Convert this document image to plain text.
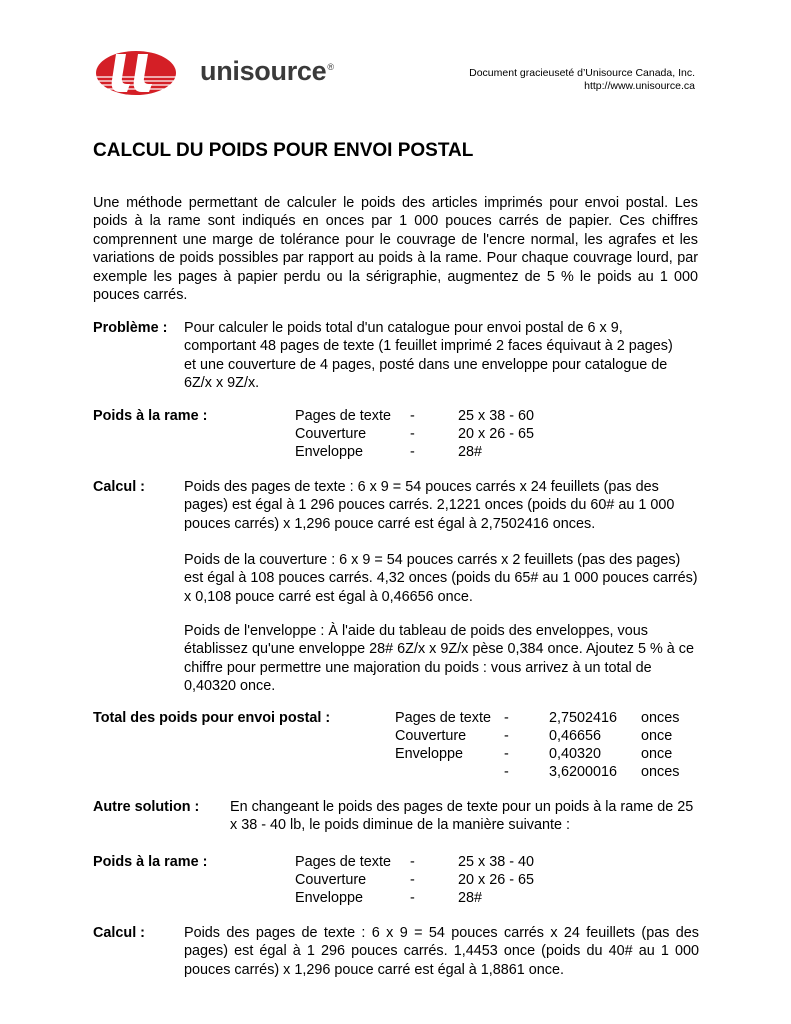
unisource®	Document gracieuseté d’Unisource Canada, Inc.
http://www.unisource.ca
CALCUL DU POIDS POUR ENVOI POSTAL
Une méthode permettant de calculer le poids des articles imprimés pour envoi postal. Les poids à la rame sont indiqués en onces par 1 000 pouces carrés de papier. Ces chiffres comprennent une marge de tolérance pour le couvrage de l'encre normal, les agrafes et les variations de poids possibles par rapport au poids à la rame. Pour chaque couvrage lourd, par exemple les pages à papier perdu ou la sérigraphie, augmentez de 5 % le poids au 1 000 pouces carrés.
Problème : Pour calculer le poids total d'un catalogue pour envoi postal de 6 x 9, comportant 48 pages de texte (1 feuillet imprimé 2 faces équivaut à 2 pages) et une couverture de 4 pages, posté dans une enveloppe pour catalogue de 6Z/x x 9Z/x.
Poids à la rame :	Pages de texte -	25 x 38 - 60
Couverture	-	20 x 26 - 65
Enveloppe	-	28#
Calcul :	Poids des pages de texte : 6 x 9 = 54 pouces carrés x 24 feuillets (pas des pages) est égal à 1 296 pouces carrés. 2,1221 onces (poids du 60# au 1 000 pouces carrés) x 1,296 pouce carré est égal à 2,7502416 onces.
Poids de la couverture : 6 x 9 = 54 pouces carrés x 2 feuillets (pas des pages) est égal à 108 pouces carrés. 4,32 onces (poids du 65# au 1 000 pouces carrés) x 0,108 pouce carré est égal à 0,46656 once.
Poids de l'enveloppe : À l'aide du tableau de poids des enveloppes, vous établissez qu'une enveloppe 28# 6Z/x x 9Z/x pèse 0,384 once. Ajoutez 5 % à ce chiffre pour permettre une majoration du poids : vous arrivez à un total de 0,40320 once.
Total des poids pour envoi postal :	Pages de texte -	2,7502416 onces
Couverture	-	0,46656	once
Enveloppe	-	0,40320	once
-	3,6200016 onces
Autre solution : En changeant le poids des pages de texte pour un poids à la rame de 25 x 38 - 40 lb, le poids diminue de la manière suivante :
Poids à la rame :	Pages de texte -	25 x 38 - 40
Couverture	-	20 x 26 - 65
Enveloppe	-	28#
Calcul :	Poids des pages de texte : 6 x 9 = 54 pouces carrés x 24 feuillets (pas des pages) est égal à 1 296 pouces carrés. 1,4453 once (poids du 40# au 1 000 pouces carrés) x 1,296 pouce carré est égal à 1,8861 once.
